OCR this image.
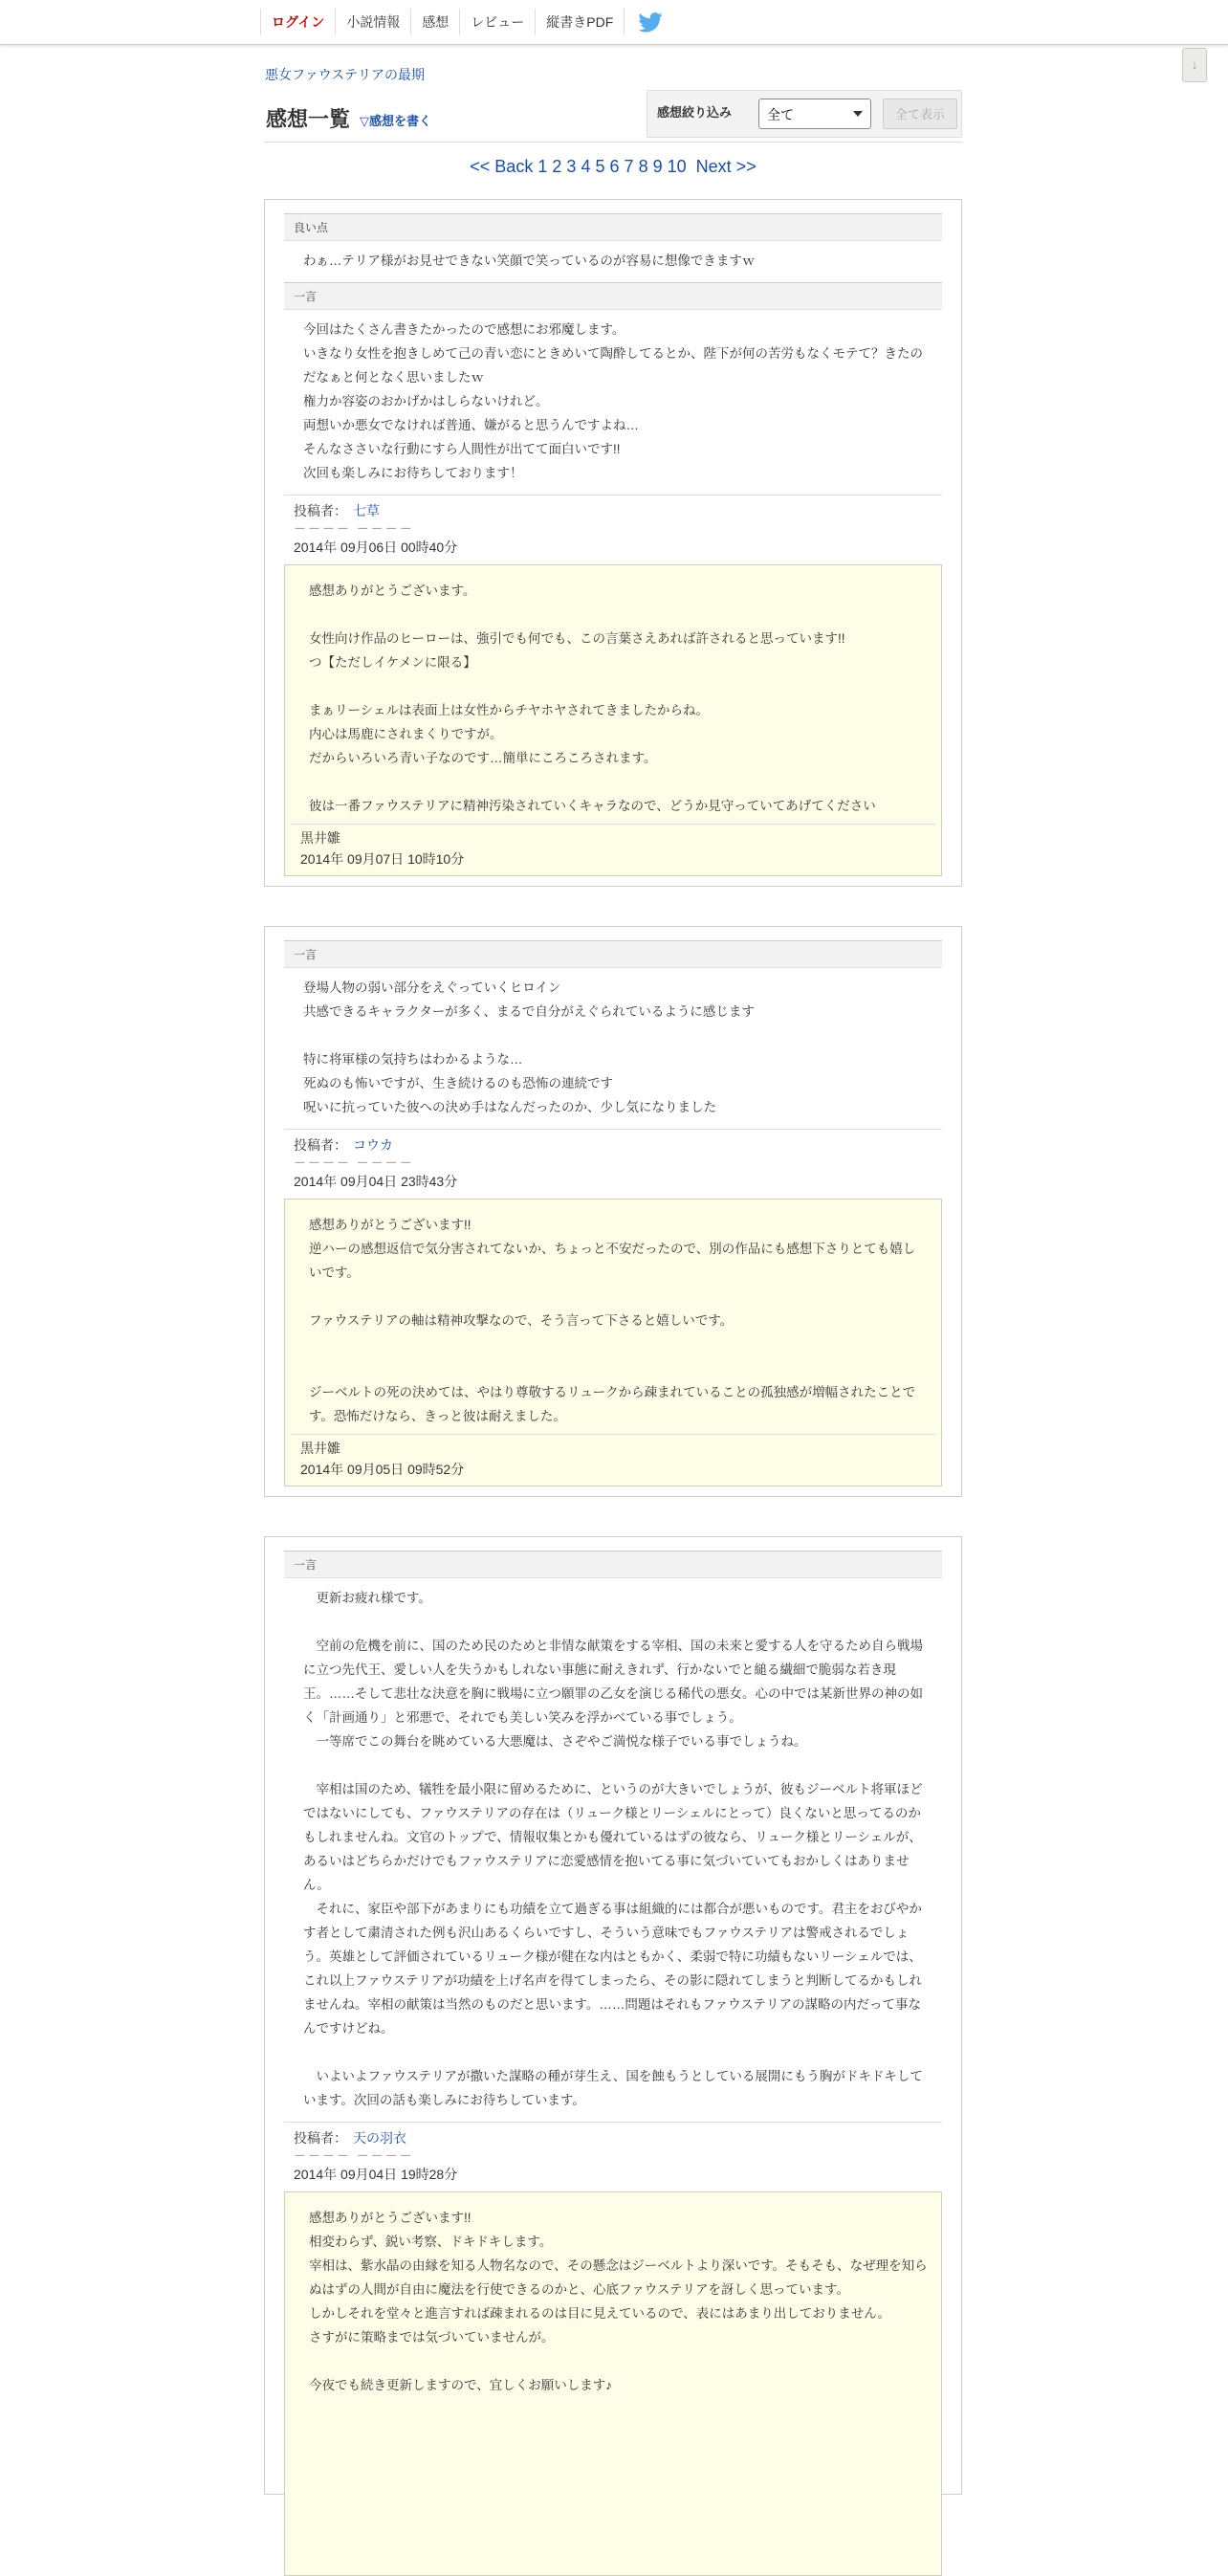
ログイン	小説情報	感想	レビュー	縦書きPDF
↓
悪女ファウステリアの最期
感想一覧 ▽感想を書く
感想絞り込み	全て	全て表示
<< Back 1 2 3 4 5 6 7 8 9 10 Next >>
良い点
わぁ…テリア様がお見せできない笑顔で笑っているのが容易に想像できますｗ
一言
今回はたくさん書きたかったので感想にお邪魔します。
いきなり女性を抱きしめて己の青い恋にときめいて陶酔してるとか、陛下が何の苦労もなくモテて？きたのだなぁと何となく思いましたｗ
権力か容姿のおかげかはしらないけれど。
両想いか悪女でなければ普通、嫌がると思うんですよね…
そんなささいな行動にすら人間性が出てて面白いです!!
次回も楽しみにお待ちしております！
投稿者： 七草
－－－－ －－－－
2014年 09月06日 00時40分
感想ありがとうございます。

女性向け作品のヒーローは、強引でも何でも、この言葉さえあれば許されると思っています!!
つ【ただしイケメンに限る】

まぁリーシェルは表面上は女性からチヤホヤされてきましたからね。
内心は馬鹿にされまくりですが。
だからいろいろ青い子なのです…簡単にころころされます。

彼は一番ファウステリアに精神汚染されていくキャラなので、どうか見守っていてあげてください
黒井雛
2014年 09月07日 10時10分
一言
登場人物の弱い部分をえぐっていくヒロイン
共感できるキャラクターが多く、まるで自分がえぐられているように感じます

特に将軍様の気持ちはわかるような…
死ぬのも怖いですが、生き続けるのも恐怖の連続です
呪いに抗っていた彼への決め手はなんだったのか、少し気になりました
投稿者： コウカ
－－－－ －－－－
2014年 09月04日 23時43分
感想ありがとうございます!!
逆ハーの感想返信で気分害されてないか、ちょっと不安だったので、別の作品にも感想下さりとても嬉しいです。

ファウステリアの軸は精神攻撃なので、そう言って下さると嬉しいです。

ジーベルトの死の決めては、やはり尊敬するリュークから疎まれていることの孤独感が増幅されたことです。恐怖だけなら、きっと彼は耐えました。
黒井雛
2014年 09月05日 09時52分
一言
　更新お疲れ様です。

　空前の危機を前に、国のため民のためと非情な献策をする宰相、国の未来と愛する人を守るため自ら戦場に立つ先代王、愛しい人を失うかもしれない事態に耐えきれず、行かないでと縋る繊細で脆弱な若き現王。……そして悲壮な決意を胸に戦場に立つ願罪の乙女を演じる稀代の悪女。心の中では某新世界の神の如く「計画通り」と邪悪で、それでも美しい笑みを浮かべている事でしょう。
　一等席でこの舞台を眺めている大悪魔は、さぞやご満悦な様子でいる事でしょうね。

　宰相は国のため、犠牲を最小限に留めるために、というのが大きいでしょうが、彼もジーベルト将軍ほどではないにしても、ファウステリアの存在は（リューク様とリーシェルにとって）良くないと思ってるのかもしれませんね。文官のトップで、情報収集とかも優れているはずの彼なら、リューク様とリーシェルが、あるいはどちらかだけでもファウステリアに恋愛感情を抱いてる事に気づいていてもおかしくはありません。
　それに、家臣や部下があまりにも功績を立て過ぎる事は組織的には都合が悪いものです。君主をおびやかす者として粛清された例も沢山あるくらいですし、そういう意味でもファウステリアは警戒されるでしょう。英雄として評価されているリューク様が健在な内はともかく、柔弱で特に功績もないリーシェルでは、これ以上ファウステリアが功績を上げ名声を得てしまったら、その影に隠れてしまうと判断してるかもしれませんね。宰相の献策は当然のものだと思います。……問題はそれもファウステリアの謀略の内だって事なんですけどね。

　いよいよファウステリアが撒いた謀略の種が芽生え、国を蝕もうとしている展開にもう胸がドキドキしています。次回の話も楽しみにお待ちしています。
投稿者： 天の羽衣
－－－－ －－－－
2014年 09月04日 19時28分
感想ありがとうございます!!
相変わらず、鋭い考察、ドキドキします。
宰相は、紫水晶の由縁を知る人物名なので、その懸念はジーベルトより深いです。そもそも、なぜ理を知らぬはずの人間が自由に魔法を行使できるのかと、心底ファウステリアを訝しく思っています。
しかしそれを堂々と進言すれば疎まれるのは目に見えているので、表にはあまり出しておりません。
さすがに策略までは気づいていませんが。

今夜でも続き更新しますので、宜しくお願いします♪
